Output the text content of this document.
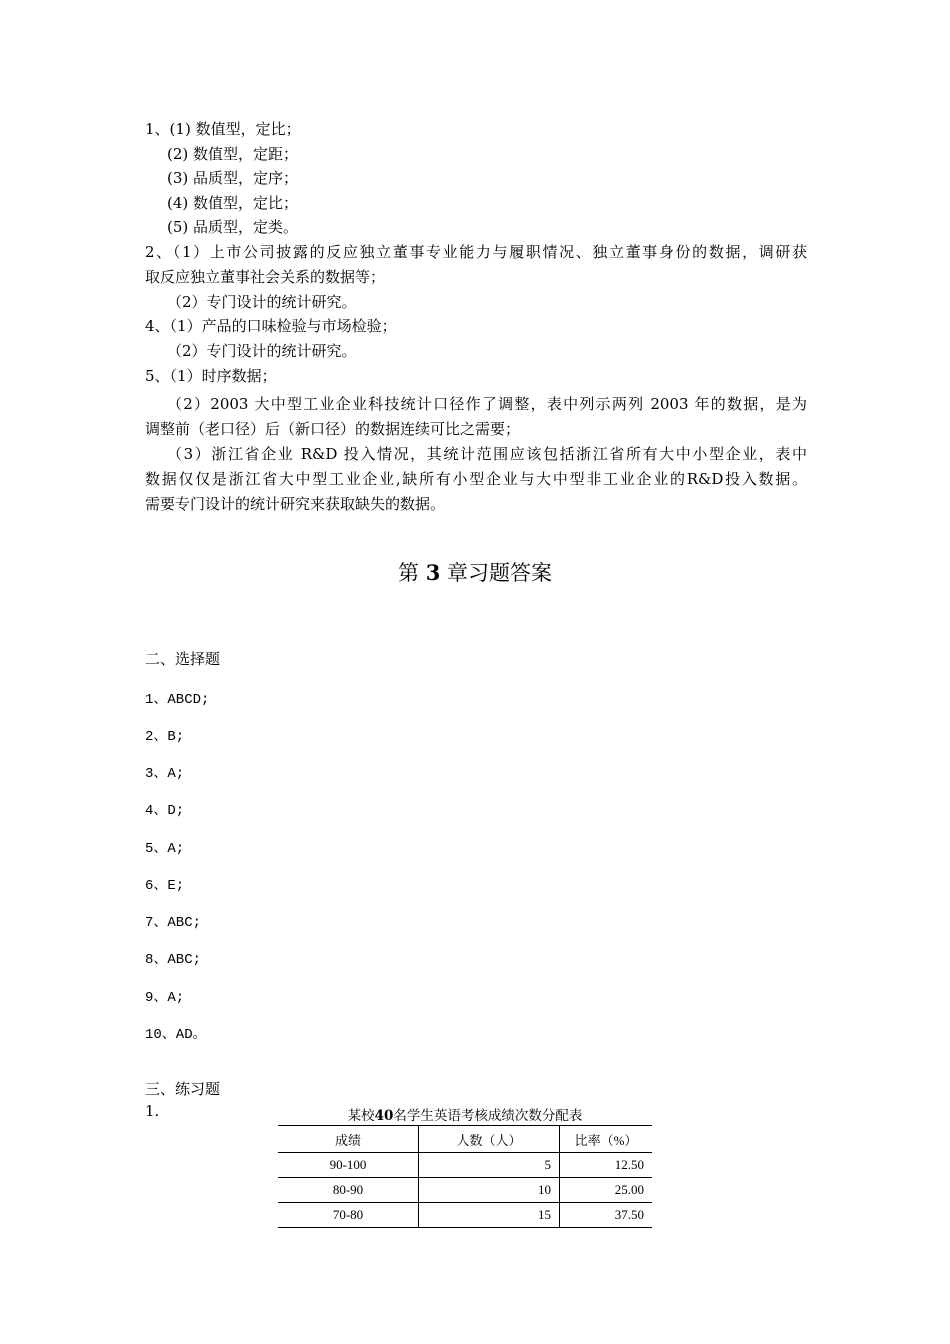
1、(1) 数值型，定比；
(2) 数值型，定距；
(3) 品质型，定序；
(4) 数值型，定比；
(5) 品质型，定类。
2、（1）上市公司披露的反应独立董事专业能力与履职情况、独立董事身份的数据，调研获
取反应独立董事社会关系的数据等；
（2）专门设计的统计研究。
4、（1）产品的口味检验与市场检验；
（2）专门设计的统计研究。
5、（1）时序数据；
（2）2003 大中型工业企业科技统计口径作了调整，表中列示两列 2003 年的数据，是为
调整前（老口径）后（新口径）的数据连续可比之需要；
（3）浙江省企业 R&D 投入情况，其统计范围应该包括浙江省所有大中小型企业，表中
数据仅仅是浙江省大中型工业企业,缺所有小型企业与大中型非工业企业的R&D投入数据。
需要专门设计的统计研究来获取缺失的数据。
第 3 章习题答案
二、选择题
1、ABCD;
2、B;
3、A;
4、D;
5、A;
6、E;
7、ABC;
8、ABC;
9、A;
10、AD。
三、练习题
1.	某校40名学生英语考核成绩次数分配表
成绩	人数（人）	比率（%）
90-100	5	12.50
80-90	10	25.00
70-80	15	37.50
